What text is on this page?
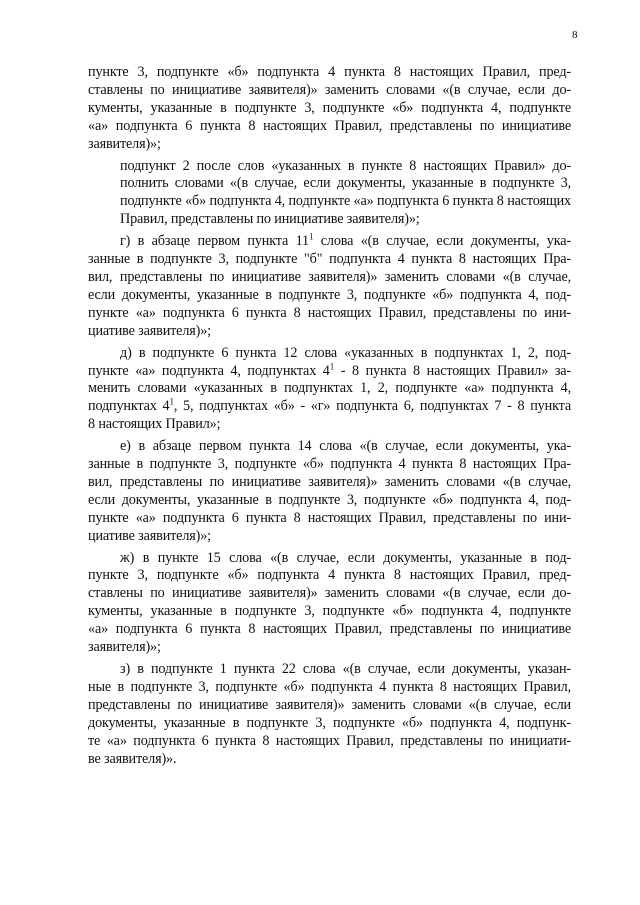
8
пункте 3, подпункте «б» подпункта 4 пункта 8 настоящих Правил, пред-
ставлены по инициативе заявителя)» заменить словами «(в случае, если до-
кументы, указанные в подпункте 3, подпункте «б» подпункта 4, подпункте
«а» подпункта 6 пункта 8 настоящих Правил, представлены по инициативе
заявителя)»;
подпункт 2 после слов «указанных в пункте 8 настоящих Правил» до-
полнить словами «(в случае, если документы, указанные в подпункте 3,
подпункте «б» подпункта 4, подпункте «а» подпункта 6 пункта 8 настоящих
Правил, представлены по инициативе заявителя)»;
г) в абзаце первом пункта $11^1$ слова «(в случае, если документы, ука-
занные в подпункте 3, подпункте "б" подпункта 4 пункта 8 настоящих Пра-
вил, представлены по инициативе заявителя)» заменить словами «(в случае,
если документы, указанные в подпункте 3, подпункте «б» подпункта 4, под-
пункте «а» подпункта 6 пункта 8 настоящих Правил, представлены по ини-
циативе заявителя)»;
д) в подпункте 6 пункта 12 слова «указанных в подпунктах 1, 2, под-
пункте «а» подпункта 4, подпунктах $4^1 - 8$ пункта 8 настоящих Правил» за-
менить словами «указанных в подпунктах 1, 2, подпункте «а» подпункта 4,
подпунктах $4^1$, 5, подпунктах «б» - «г» подпункта 6, подпунктах 7 - 8 пункта
8 настоящих Правил»;
е) в абзаце первом пункта 14 слова «(в случае, если документы, ука-
занные в подпункте 3, подпункте «б» подпункта 4 пункта 8 настоящих Пра-
вил, представлены по инициативе заявителя)» заменить словами «(в случае,
если документы, указанные в подпункте 3, подпункте «б» подпункта 4, под-
пункте «а» подпункта 6 пункта 8 настоящих Правил, представлены по ини-
циативе заявителя)»;
ж) в пункте 15 слова «(в случае, если документы, указанные в под-
пункте 3, подпункте «б» подпункта 4 пункта 8 настоящих Правил, пред-
ставлены по инициативе заявителя)» заменить словами «(в случае, если до-
кументы, указанные в подпункте 3, подпункте «б» подпункта 4, подпункте
«а» подпункта 6 пункта 8 настоящих Правил, представлены по инициативе
заявителя)»;
з) в подпункте 1 пункта 22 слова «(в случае, если документы, указан-
ные в подпункте 3, подпункте «б» подпункта 4 пункта 8 настоящих Правил,
представлены по инициативе заявителя)» заменить словами «(в случае, если
документы, указанные в подпункте 3, подпункте «б» подпункта 4, подпунк-
те «а» подпункта 6 пункта 8 настоящих Правил, представлены по инициати-
ве заявителя)».
